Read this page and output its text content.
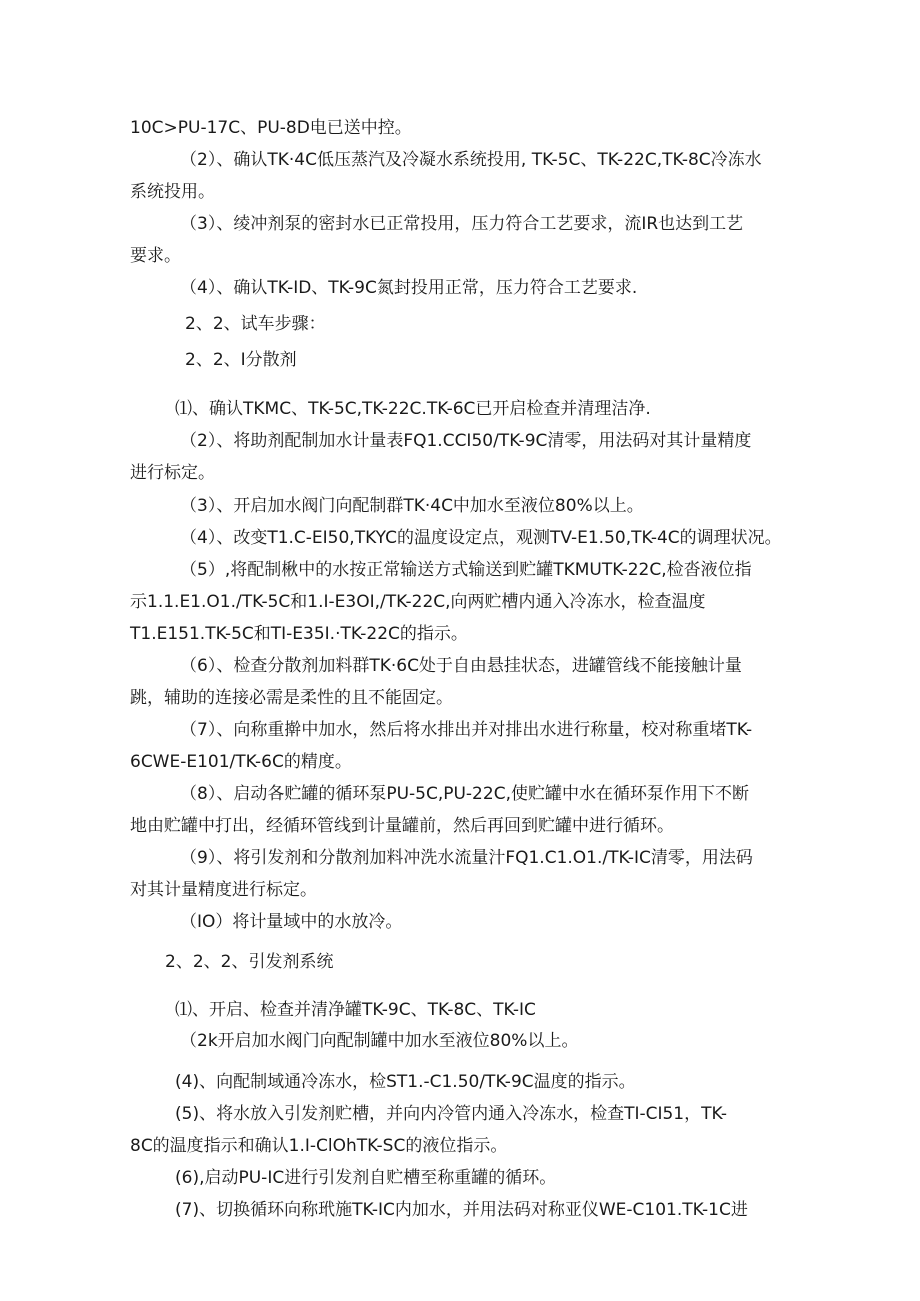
10C>PU-17C、PU-8D电已送中控。
（2）、确认TK·4C低压蒸汽及冷凝水系统投用, TK-5C、TK-22C,TK-8C冷冻水
系统投用。
（3）、绫冲剂泵的密封水已正常投用，压力符合工艺要求，流IR也达到工艺
要求。
（4）、确认TK-ID、TK-9C氮封投用正常，压力符合工艺要求.
2、2、试车步骤：
2、2、I分散剂
⑴、确认TKMC、TK-5C,TK-22C.TK-6C已开启检查并清理洁净.
（2）、将助剂配制加水计量表FQ1.CCI50/TK-9C清零，用法码对其计量精度
进行标定。
（3）、开启加水阀门向配制群TK·4C中加水至液位80%以上。
（4）、改变T1.C-EI50,TKYC的温度设定点，观测TV-E1.50,TK-4C的调理状况。
（5）,将配制楸中的水按正常输送方式输送到贮罐TKMUTK-22C,检沓液位指
示1.1.E1.O1./TK-5C和1.I-E3OI,/TK-22C,向两贮槽内通入冷冻水，检查温度
T1.E151.TK-5C和TI-E35I.·TK-22C的指示。
（6）、检查分散剂加料群TK·6C处于自由悬挂状态，进罐管线不能接触计量
跳，辅助的连接必需是柔性的且不能固定。
（7）、向称重擀中加水，然后将水排出并对排出水进行称量，校对称重堵TK-
6CWE-E101/TK-6C的精度。
（8）、启动各贮罐的循环泵PU-5C,PU-22C,使贮罐中水在循环泵作用下不断
地由贮罐中打出，经循环管线到计量罐前，然后再回到贮罐中进行循环。
（9）、将引发剂和分散剂加料冲洗水流量汁FQ1.C1.O1./TK-IC清零，用法码
对其计量精度进行标定。
（IO）将计量域中的水放冷。
2、2、2、引发剂系统
⑴、开启、检查并清净罐TK-9C、TK-8C、TK-IC
（2k开启加水阀门向配制罐中加水至液位80%以上。
(4)、向配制域通冷冻水，检ST1.-C1.50/TK-9C温度的指示。
(5)、将水放入引发剂贮槽，并向内冷管内通入冷冻水，检查TI-CI51，TK-
8C的温度指示和确认1.I-ClOhTK-SC的液位指示。
(6),启动PU-IC进行引发剂自贮槽至称重罐的循环。
(7)、切换循环向称玳施TK-IC内加水，并用法码对称亚仪WE-C101.TK-1C进
